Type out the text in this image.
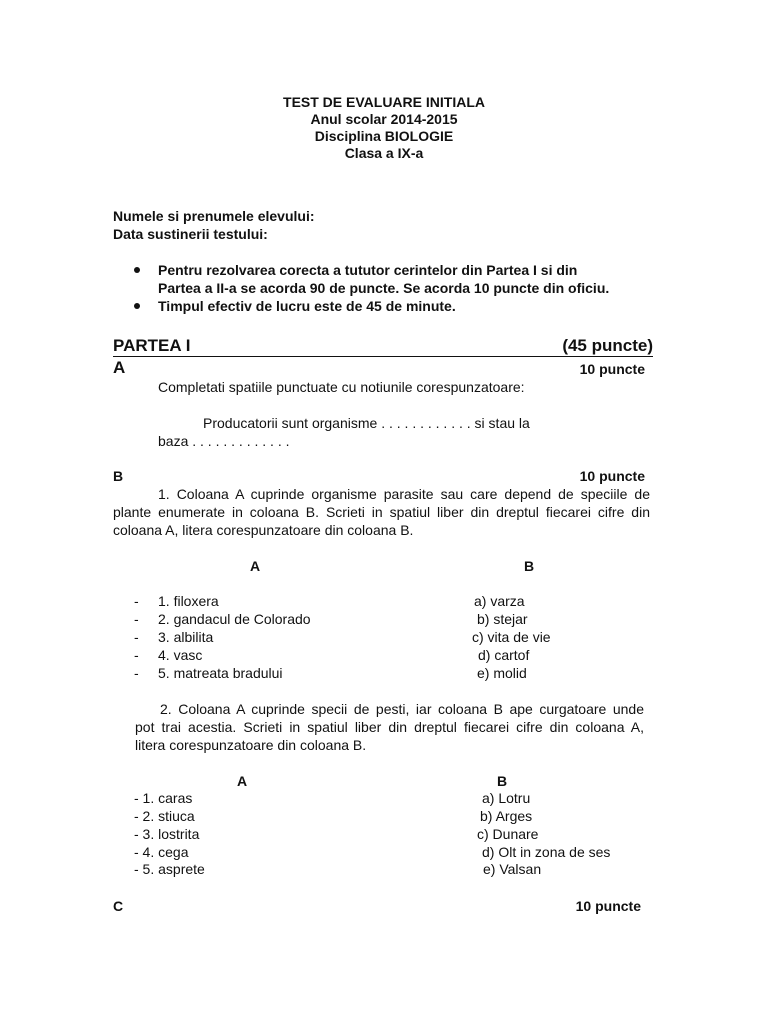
TEST DE EVALUARE INITIALA
Anul scolar 2014-2015
Disciplina BIOLOGIE
Clasa a IX-a
Numele si prenumele elevului:
Data sustinerii testului:
Pentru rezolvarea corecta a tututor cerintelor din Partea I si din
Partea a II-a se acorda 90 de puncte. Se acorda 10 puncte din oficiu.
Timpul efectiv de lucru este de 45 de minute.
PARTEA I	(45 puncte)
A	10 puncte
Completati spatiile punctuate cu notiunile corespunzatoare:
Producatorii sunt organisme . . . . . . . . . . . . si stau la
baza . . . . . . . . . . . . .
B	10 puncte
1. Coloana A cuprinde organisme parasite sau care depend de speciile de
plante enumerate in coloana B. Scrieti in spatiul liber din dreptul fiecarei cifre din
coloana A, litera corespunzatoare din coloana B.
A	B
- 1. filoxera	a) varza
- 2. gandacul de Colorado	b) stejar
- 3. albilita	c) vita de vie
- 4. vasc	d) cartof
- 5. matreata bradului	e) molid
2. Coloana A cuprinde specii de pesti, iar coloana B ape curgatoare unde
pot trai acestia. Scrieti in spatiul liber din dreptul fiecarei cifre din coloana A,
litera corespunzatoare din coloana B.
A	B
- 1. caras	a) Lotru
- 2. stiuca	b) Arges
- 3. lostrita	c) Dunare
- 4. cega	d) Olt in zona de ses
- 5. asprete	e) Valsan
C	10 puncte
